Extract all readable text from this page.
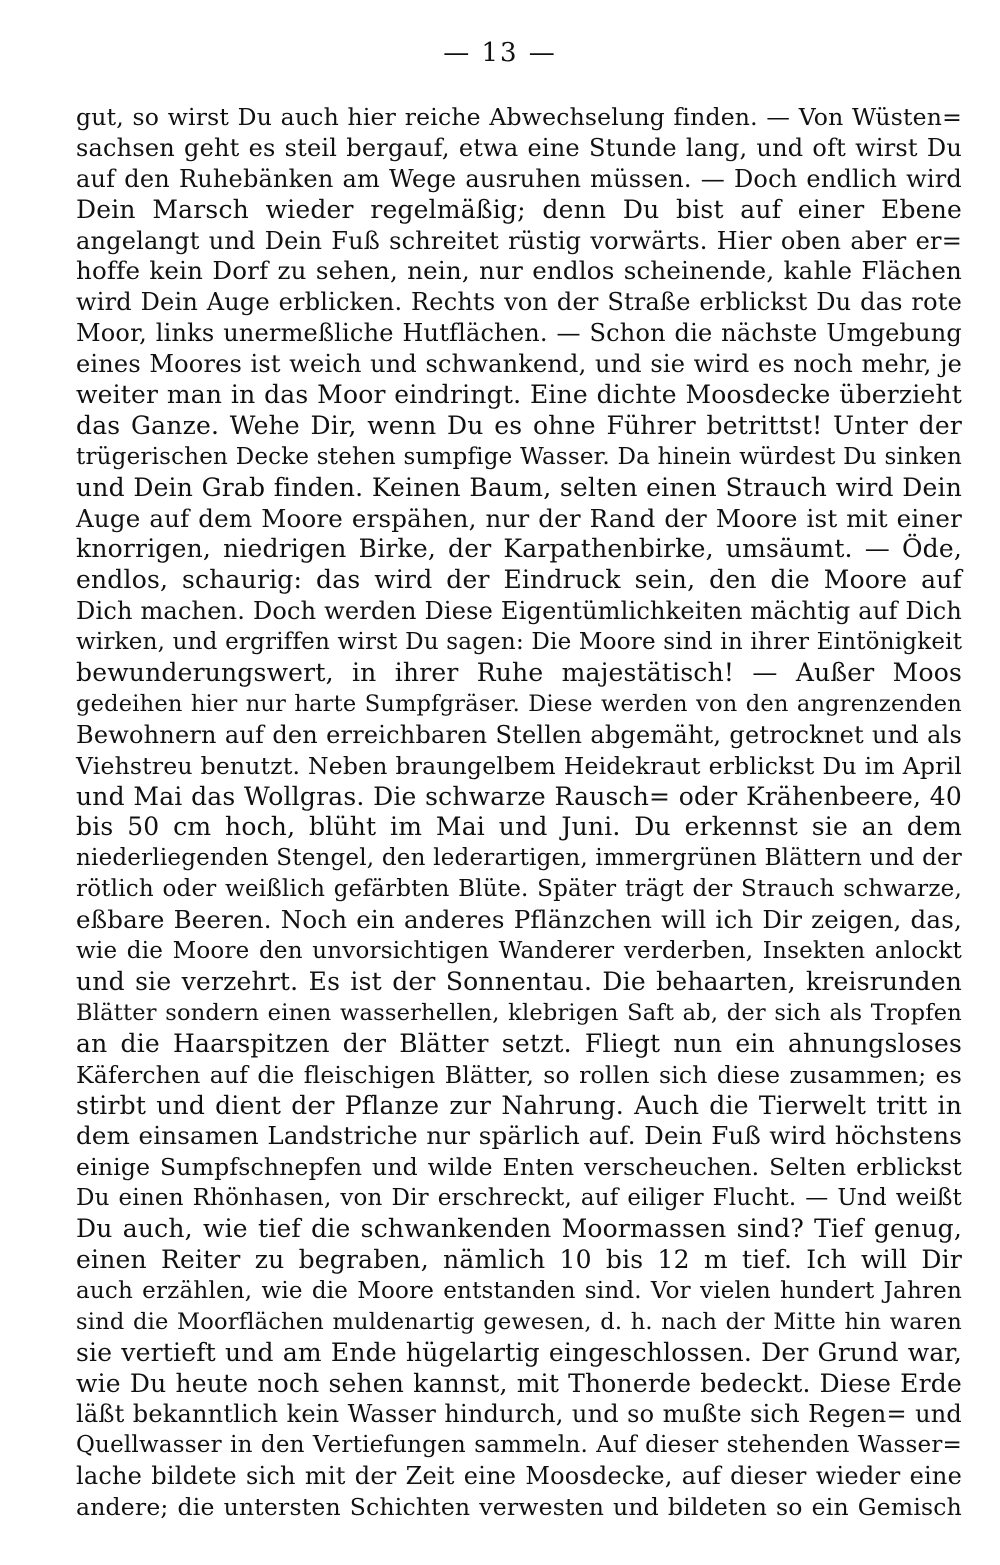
— 13 —
gut, so wirst Du auch hier reiche Abwechselung finden. — Von Wüsten=
sachsen geht es steil bergauf, etwa eine Stunde lang, und oft wirst Du
auf den Ruhebänken am Wege ausruhen müssen. — Doch endlich wird
Dein Marsch wieder regelmäßig; denn Du bist auf einer Ebene
angelangt und Dein Fuß schreitet rüstig vorwärts. Hier oben aber er=
hoffe kein Dorf zu sehen, nein, nur endlos scheinende, kahle Flächen
wird Dein Auge erblicken. Rechts von der Straße erblickst Du das rote
Moor, links unermeßliche Hutflächen. — Schon die nächste Umgebung
eines Moores ist weich und schwankend, und sie wird es noch mehr, je
weiter man in das Moor eindringt. Eine dichte Moosdecke überzieht
das Ganze. Wehe Dir, wenn Du es ohne Führer betrittst! Unter der
trügerischen Decke stehen sumpfige Wasser. Da hinein würdest Du sinken
und Dein Grab finden. Keinen Baum, selten einen Strauch wird Dein
Auge auf dem Moore erspähen, nur der Rand der Moore ist mit einer
knorrigen, niedrigen Birke, der Karpathenbirke, umsäumt. — Öde,
endlos, schaurig: das wird der Eindruck sein, den die Moore auf
Dich machen. Doch werden Diese Eigentümlichkeiten mächtig auf Dich
wirken, und ergriffen wirst Du sagen: Die Moore sind in ihrer Eintönigkeit
bewunderungswert, in ihrer Ruhe majestätisch! — Außer Moos
gedeihen hier nur harte Sumpfgräser. Diese werden von den angrenzenden
Bewohnern auf den erreichbaren Stellen abgemäht, getrocknet und als
Viehstreu benutzt. Neben braungelbem Heidekraut erblickst Du im April
und Mai das Wollgras. Die schwarze Rausch= oder Krähenbeere, 40
bis 50 cm hoch, blüht im Mai und Juni. Du erkennst sie an dem
niederliegenden Stengel, den lederartigen, immergrünen Blättern und der
rötlich oder weißlich gefärbten Blüte. Später trägt der Strauch schwarze,
eßbare Beeren. Noch ein anderes Pflänzchen will ich Dir zeigen, das,
wie die Moore den unvorsichtigen Wanderer verderben, Insekten anlockt
und sie verzehrt. Es ist der Sonnentau. Die behaarten, kreisrunden
Blätter sondern einen wasserhellen, klebrigen Saft ab, der sich als Tropfen
an die Haarspitzen der Blätter setzt. Fliegt nun ein ahnungsloses
Käferchen auf die fleischigen Blätter, so rollen sich diese zusammen; es
stirbt und dient der Pflanze zur Nahrung. Auch die Tierwelt tritt in
dem einsamen Landstriche nur spärlich auf. Dein Fuß wird höchstens
einige Sumpfschnepfen und wilde Enten verscheuchen. Selten erblickst
Du einen Rhönhasen, von Dir erschreckt, auf eiliger Flucht. — Und weißt
Du auch, wie tief die schwankenden Moormassen sind? Tief genug,
einen Reiter zu begraben, nämlich 10 bis 12 m tief. Ich will Dir
auch erzählen, wie die Moore entstanden sind. Vor vielen hundert Jahren
sind die Moorflächen muldenartig gewesen, d. h. nach der Mitte hin waren
sie vertieft und am Ende hügelartig eingeschlossen. Der Grund war,
wie Du heute noch sehen kannst, mit Thonerde bedeckt. Diese Erde
läßt bekanntlich kein Wasser hindurch, und so mußte sich Regen= und
Quellwasser in den Vertiefungen sammeln. Auf dieser stehenden Wasser=
lache bildete sich mit der Zeit eine Moosdecke, auf dieser wieder eine
andere; die untersten Schichten verwesten und bildeten so ein Gemisch
